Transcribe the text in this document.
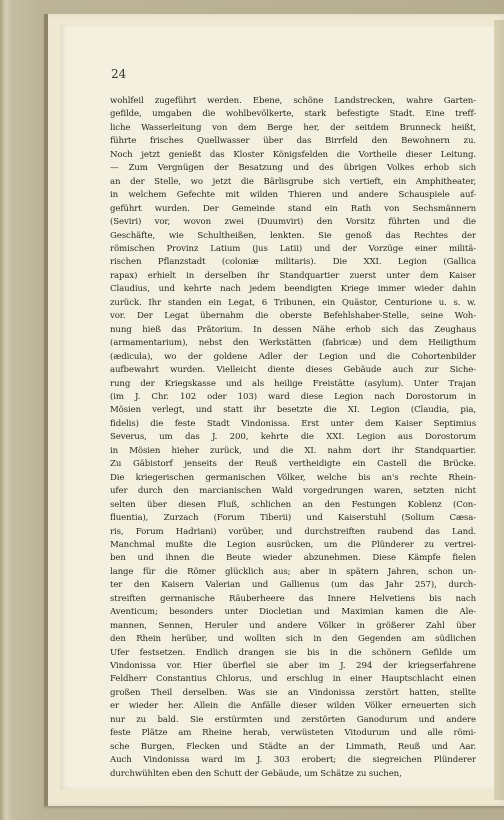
24
wohlfeil zugeführt werden. Ebene, schöne Landstrecken, wahre Garten-
gefilde, umgaben die wohlbevölkerte, stark befestigte Stadt. Eine treff-
liche Wasserleitung von dem Berge her, der seitdem Brunneck heißt,
führte frisches Quellwasser über das Birrfeld den Bewohnern zu.
Noch jetzt genießt das Kloster Königsfelden die Vortheile dieser Leitung.
— Zum Vergnügen der Besatzung und des übrigen Volkes erhob sich
an der Stelle, wo jetzt die Bärlisgrube sich vertieft, ein Amphitheater,
in welchem Gefechte mit wilden Thieren und andere Schauspiele auf-
geführt wurden. Der Gemeinde stand ein Rath von Sechsmännern
(Seviri) vor, wovon zwei (Duumviri) den Vorsitz führten und die
Geschäfte, wie Schultheißen, lenkten. Sie genoß das Rechtes der
römischen Provinz Latium (jus Latii) und der Vorzüge einer militä-
rischen Pflanzstadt (coloniæ militaris). Die XXI. Legion (Gallica
rapax) erhielt in derselben ihr Standquartier zuerst unter dem Kaiser
Claudius, und kehrte nach jedem beendigten Kriege immer wieder dahin
zurück. Ihr standen ein Legat, 6 Tribunen, ein Quästor, Centurione u. s. w.
vor. Der Legat übernahm die oberste Befehlshaber-Stelle, seine Woh-
nung hieß das Prätorium. In dessen Nähe erhob sich das Zeughaus
(armamentarium), nebst den Werkstätten (fabricæ) und dem Heiligthum
(ædicula), wo der goldene Adler der Legion und die Cohortenbilder
aufbewahrt wurden. Vielleicht diente dieses Gebäude auch zur Siche-
rung der Kriegskasse und als heilige Freistätte (asylum). Unter Trajan
(im J. Chr. 102 oder 103) ward diese Legion nach Dorostorum in
Mösien verlegt, und statt ihr besetzte die XI. Legion (Claudia, pia,
fidelis) die feste Stadt Vindonissa. Erst unter dem Kaiser Septimius
Severus, um das J. 200, kehrte die XXI. Legion aus Dorostorum
in Mösien hieher zurück, und die XI. nahm dort ihr Standquartier.
Zu Gäbistorf jenseits der Reuß vertheidigte ein Castell die Brücke.
Die kriegerischen germanischen Völker, welche bis an's rechte Rhein-
ufer durch den marcianischen Wald vorgedrungen waren, setzten nicht
selten über diesen Fluß, schlichen an den Festungen Koblenz (Con-
fluentia), Zurzach (Forum Tiberii) und Kaiserstuhl (Solium Cæsa-
ris, Forum Hadriani) vorüber, und durchstreiften raubend das Land.
Manchmal mußte die Legion ausrücken, um die Plünderer zu vertrei-
ben und ihnen die Beute wieder abzunehmen. Diese Kämpfe fielen
lange für die Römer glücklich aus; aber in spätern Jahren, schon un-
ter den Kaisern Valerian und Gallienus (um das Jahr 257), durch-
streiften germanische Räuberheere das Innere Helvetiens bis nach
Aventicum; besonders unter Diocletian und Maximian kamen die Ale-
mannen, Sennen, Heruler und andere Völker in größerer Zahl über
den Rhein herüber, und wollten sich in den Gegenden am südlichen
Ufer festsetzen. Endlich drangen sie bis in die schönern Gefilde um
Vindonissa vor. Hier überfiel sie aber im J. 294 der kriegserfahrene
Feldherr Constantius Chlorus, und erschlug in einer Hauptschlacht einen
großen Theil derselben. Was sie an Vindonissa zerstört hatten, stellte
er wieder her. Allein die Anfälle dieser wilden Völker erneuerten sich
nur zu bald. Sie erstürmten und zerstörten Ganodurum und andere
feste Plätze am Rheine herab, verwüsteten Vitodurum und alle römi-
sche Burgen, Flecken und Städte an der Limmath, Reuß und Aar.
Auch Vindonissa ward im J. 303 erobert; die siegreichen Plünderer
durchwühlten eben den Schutt der Gebäude, um Schätze zu suchen,
